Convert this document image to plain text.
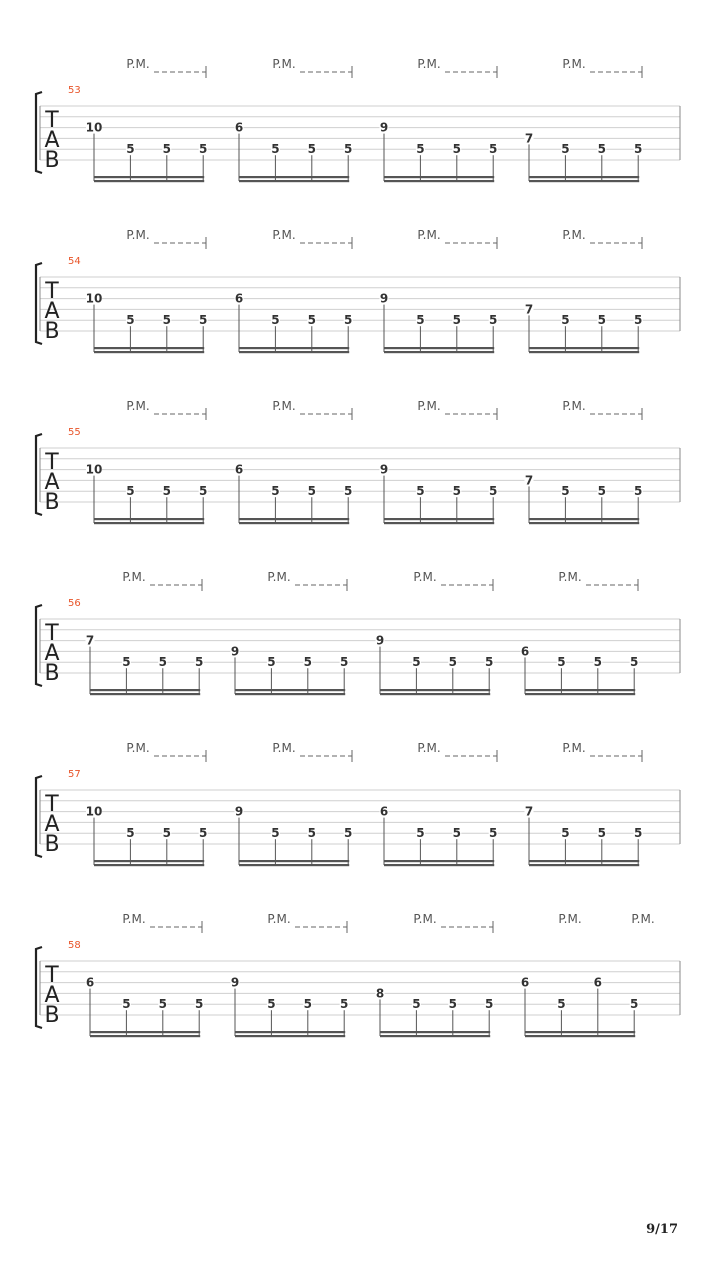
P.M.	P.M.	P.M.	P.M.
53
T
A
B
10
5 5 5
6
5 5 5
9
5 5 5
7
5 5 5
P.M.	P.M.	P.M.	P.M.
54
T
A
B
10
5 5 5
6
5 5 5
9
5 5 5
7
5 5 5
P.M.	P.M.	P.M.	P.M.
55
T
A
B
10
5 5 5
6
5 5 5
9
5 5 5
7
5 5 5
P.M.	P.M.	P.M.	P.M.
56
T
A
B
7
5 5 5
9
5 5 5
9
5 5 5
6
5 5 5
P.M.	P.M.	P.M.	P.M.
57
T
A
B
10
5 5 5
9
5 5 5
6
5 5 5
7
5 5 5
P.M.	P.M.	P.M.	P.M.	P.M.
58
T
A
B
6
5 5 5
9
5 5 5
8
5 5 5
6
5
6
5
9/17
